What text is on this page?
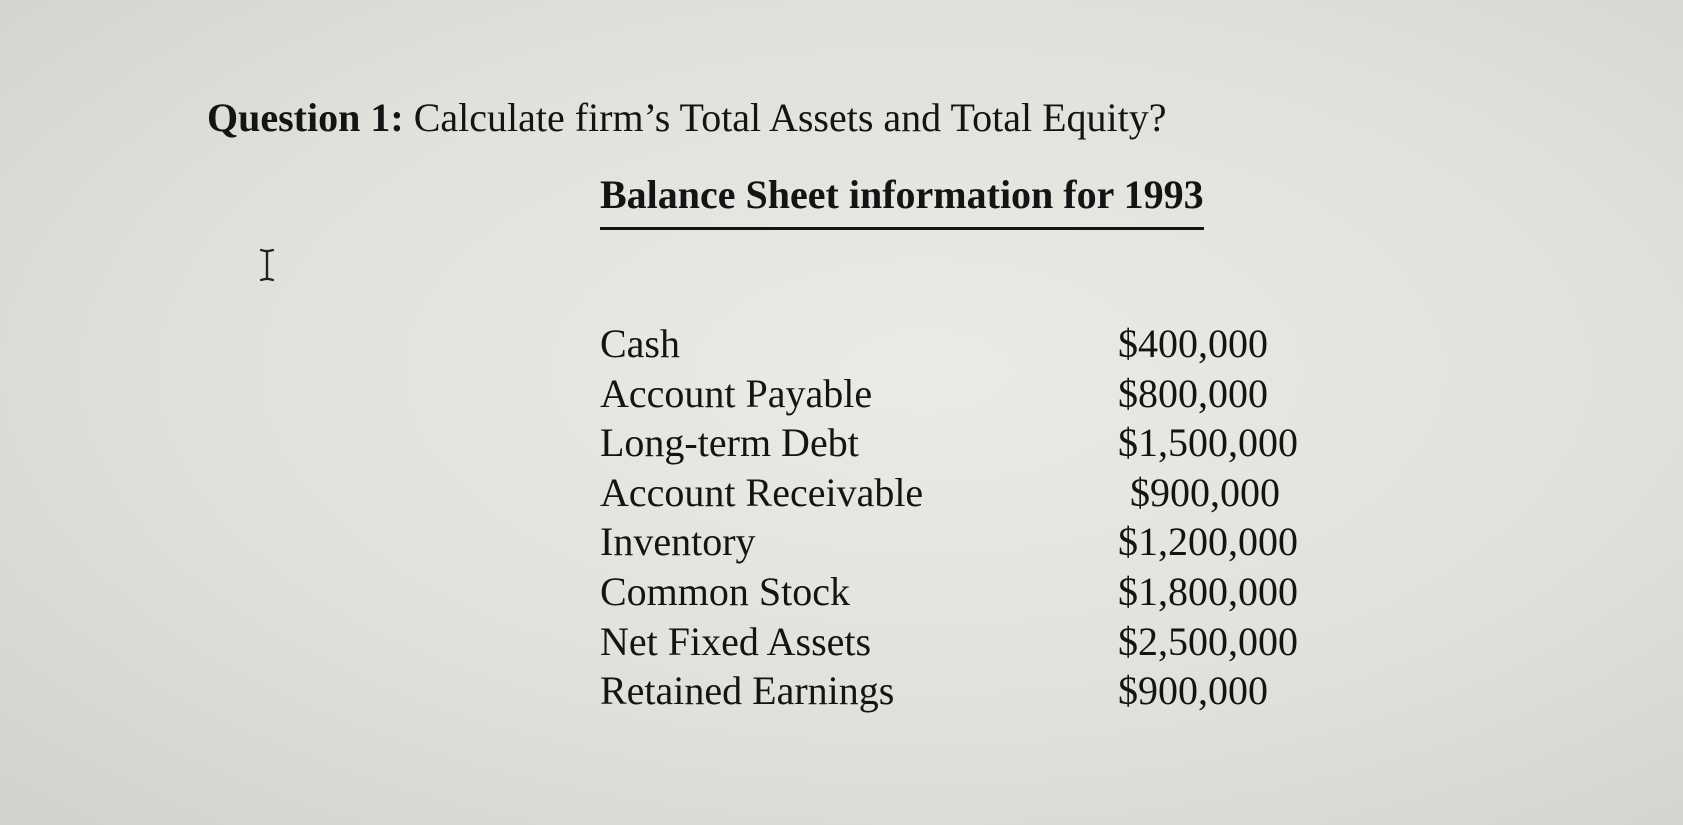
Question 1: Calculate firm’s Total Assets and Total Equity?
Balance Sheet information for 1993
Cash	$400,000
Account Payable	$800,000
Long-term Debt	$1,500,000
Account Receivable	$900,000
Inventory	$1,200,000
Common Stock	$1,800,000
Net Fixed Assets	$2,500,000
Retained Earnings	$900,000
